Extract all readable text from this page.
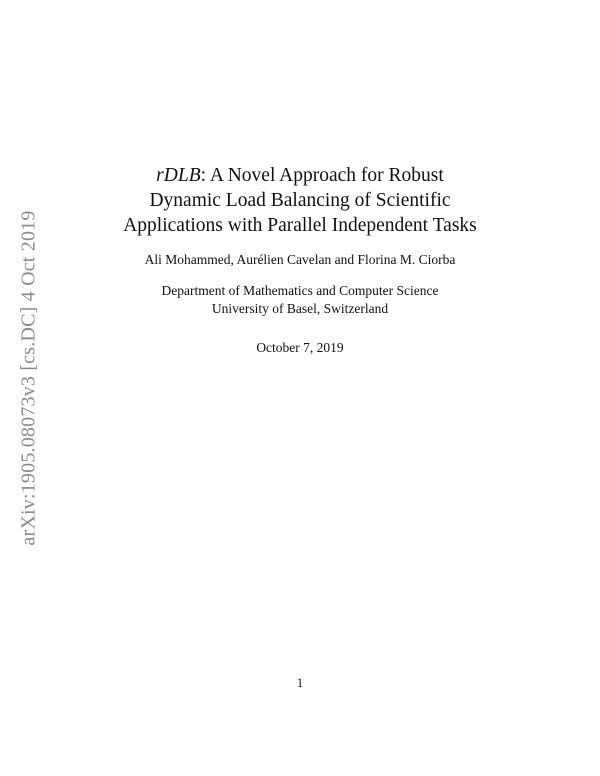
arXiv:1905.08073v3 [cs.DC] 4 Oct 2019
rDLB: A Novel Approach for Robust
Dynamic Load Balancing of Scientific
Applications with Parallel Independent Tasks
Ali Mohammed, Aurélien Cavelan and Florina M. Ciorba
Department of Mathematics and Computer Science
University of Basel, Switzerland
October 7, 2019
1
